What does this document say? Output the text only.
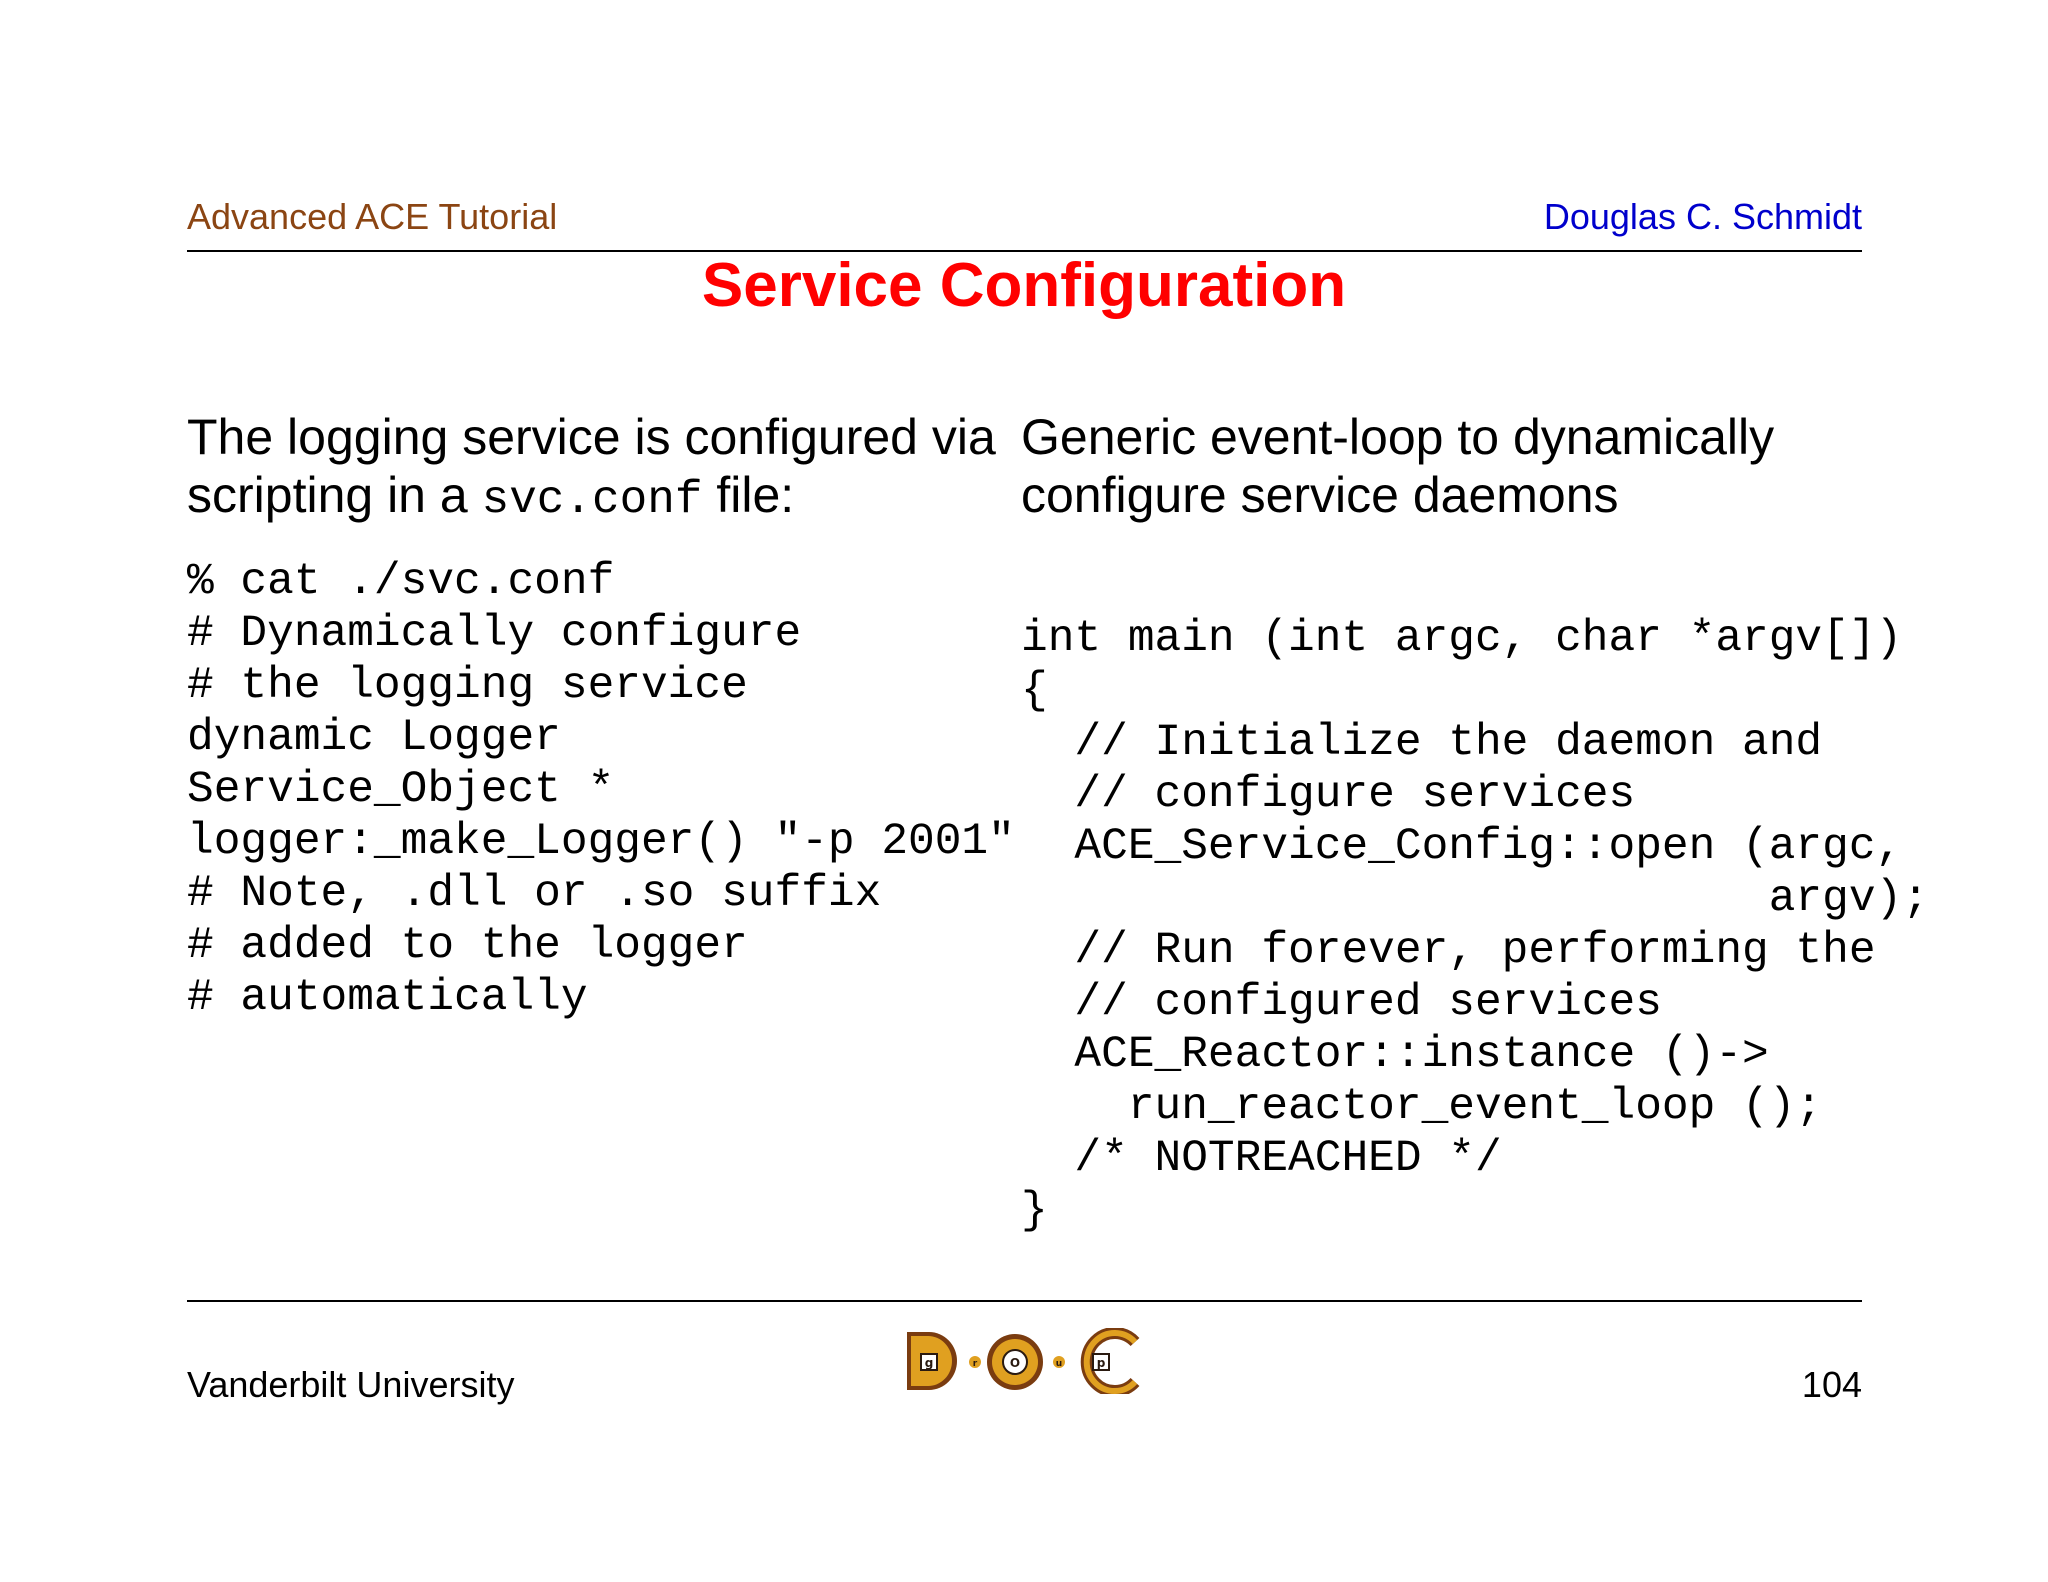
Advanced ACE Tutorial	Douglas C. Schmidt
Service Configuration
The logging service is configured via scripting in a svc.conf file:
% cat ./svc.conf
# Dynamically configure
# the logging service
dynamic Logger
Service_Object *
logger:_make_Logger() "-p 2001"
# Note, .dll or .so suffix
# added to the logger
# automatically
Generic event-loop to dynamically configure service daemons
int main (int argc, char *argv[])
{
// Initialize the daemon and
// configure services
ACE_Service_Config::open (argc,
argv);
// Run forever, performing the
// configured services
ACE_Reactor::instance ()->
run_reactor_event_loop ();
/* NOTREACHED */
}
Vanderbilt University
g	r	O	u	p
104
